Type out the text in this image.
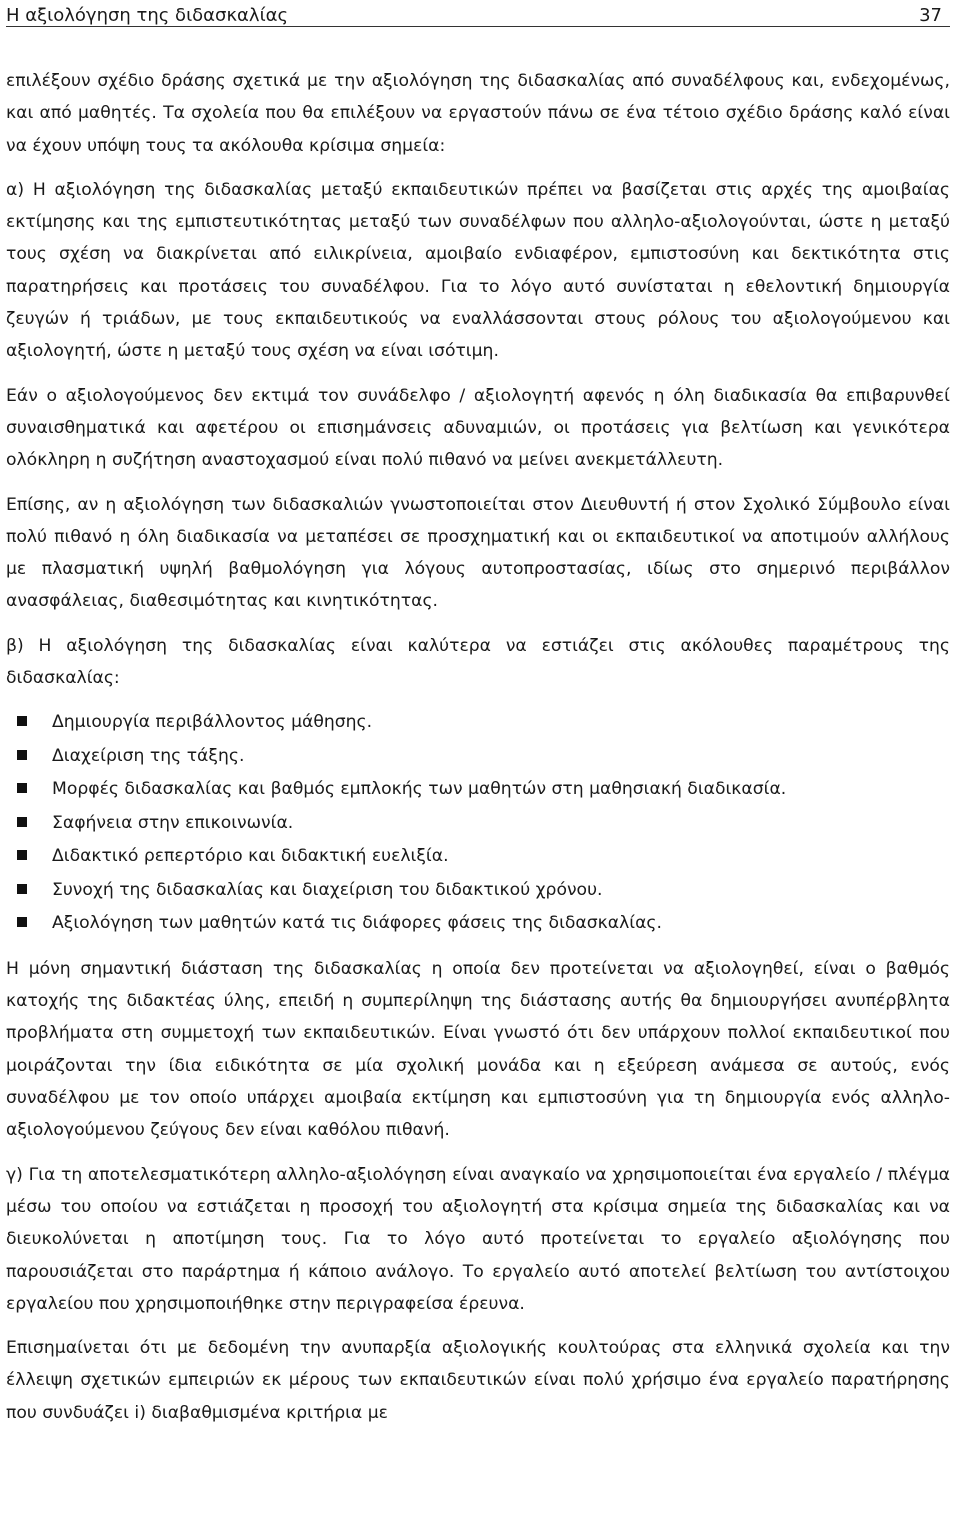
Η αξιολόγηση της διδασκαλίας	37

επιλέξουν σχέδιο δράσης σχετικά με την αξιολόγηση της διδασκαλίας από συναδέλφους και, ενδεχομένως, και από μαθητές. Τα σχολεία που θα επιλέξουν να εργαστούν πάνω σε ένα τέτοιο σχέδιο δράσης καλό είναι να έχουν υπόψη τους τα ακόλουθα κρίσιμα σημεία:

α) Η αξιολόγηση της διδασκαλίας μεταξύ εκπαιδευτικών πρέπει να βασίζεται στις αρχές της αμοιβαίας εκτίμησης και της εμπιστευτικότητας μεταξύ των συναδέλφων που αλληλο-αξιολογούνται, ώστε η μεταξύ τους σχέση να διακρίνεται από ειλικρίνεια, αμοιβαίο ενδιαφέρον, εμπιστοσύνη και δεκτικότητα στις παρατηρήσεις και προτάσεις του συναδέλφου. Για το λόγο αυτό συνίσταται η εθελοντική δημιουργία ζευγών ή τριάδων, με τους εκπαιδευτικούς να εναλλάσσονται στους ρόλους του αξιολογούμενου και αξιολογητή, ώστε η μεταξύ τους σχέση να είναι ισότιμη.

Εάν ο αξιολογούμενος δεν εκτιμά τον συνάδελφο / αξιολογητή αφενός η όλη διαδικασία θα επιβαρυνθεί συναισθηματικά και αφετέρου οι επισημάνσεις αδυναμιών, οι προτάσεις για βελτίωση και γενικότερα ολόκληρη η συζήτηση αναστοχασμού είναι πολύ πιθανό να μείνει ανεκμετάλλευτη.

Επίσης, αν η αξιολόγηση των διδασκαλιών γνωστοποιείται στον Διευθυντή ή στον Σχολικό Σύμβουλο είναι πολύ πιθανό η όλη διαδικασία να μεταπέσει σε προσχηματική και οι εκπαιδευτικοί να αποτιμούν αλλήλους με πλασματική υψηλή βαθμολόγηση για λόγους αυτοπροστασίας, ιδίως στο σημερινό περιβάλλον ανασφάλειας, διαθεσιμότητας και κινητικότητας.

β) Η αξιολόγηση της διδασκαλίας είναι καλύτερα να εστιάζει στις ακόλουθες παραμέτρους της διδασκαλίας:

Δημιουργία περιβάλλοντος μάθησης.
Διαχείριση της τάξης.
Μορφές διδασκαλίας και βαθμός εμπλοκής των μαθητών στη μαθησιακή διαδικασία.
Σαφήνεια στην επικοινωνία.
Διδακτικό ρεπερτόριο και διδακτική ευελιξία.
Συνοχή της διδασκαλίας και διαχείριση του διδακτικού χρόνου.
Αξιολόγηση των μαθητών κατά τις διάφορες φάσεις της διδασκαλίας.

Η μόνη σημαντική διάσταση της διδασκαλίας η οποία δεν προτείνεται να αξιολογηθεί, είναι ο βαθμός κατοχής της διδακτέας ύλης, επειδή η συμπερίληψη της διάστασης αυτής θα δημιουργήσει ανυπέρβλητα προβλήματα στη συμμετοχή των εκπαιδευτικών. Είναι γνωστό ότι δεν υπάρχουν πολλοί εκπαιδευτικοί που μοιράζονται την ίδια ειδικότητα σε μία σχολική μονάδα και η εξεύρεση ανάμεσα σε αυτούς, ενός συναδέλφου με τον οποίο υπάρχει αμοιβαία εκτίμηση και εμπιστοσύνη για τη δημιουργία ενός αλληλο-αξιολογούμενου ζεύγους δεν είναι καθόλου πιθανή.

γ) Για τη αποτελεσματικότερη αλληλο-αξιολόγηση είναι αναγκαίο να χρησιμοποιείται ένα εργαλείο / πλέγμα μέσω του οποίου να εστιάζεται η προσοχή του αξιολογητή στα κρίσιμα σημεία της διδασκαλίας και να διευκολύνεται η αποτίμηση τους. Για το λόγο αυτό προτείνεται το εργαλείο αξιολόγησης που παρουσιάζεται στο παράρτημα ή κάποιο ανάλογο. Το εργαλείο αυτό αποτελεί βελτίωση του αντίστοιχου εργαλείου που χρησιμοποιήθηκε στην περιγραφείσα έρευνα.

Επισημαίνεται ότι με δεδομένη την ανυπαρξία αξιολογικής κουλτούρας στα ελληνικά σχολεία και την έλλειψη σχετικών εμπειριών εκ μέρους των εκπαιδευτικών είναι πολύ χρήσιμο ένα εργαλείο παρατήρησης που συνδυάζει i) διαβαθμισμένα κριτήρια με
